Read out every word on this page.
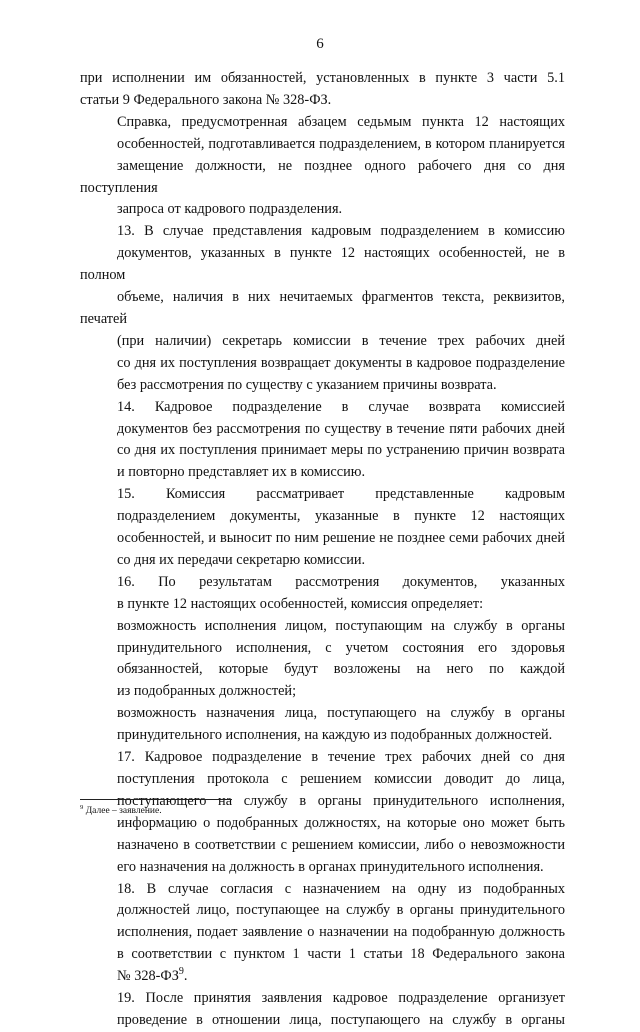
6

при исполнении им обязанностей, установленных в пункте 3 части 5.1
статьи 9 Федерального закона № 328-ФЗ.

Справка, предусмотренная абзацем седьмым пункта 12 настоящих
особенностей, подготавливается подразделением, в котором планируется
замещение должности, не позднее одного рабочего дня со дня поступления
запроса от кадрового подразделения.

13. В случае представления кадровым подразделением в комиссию
документов, указанных в пункте 12 настоящих особенностей, не в полном
объеме, наличия в них нечитаемых фрагментов текста, реквизитов, печатей
(при наличии) секретарь комиссии в течение трех рабочих дней
со дня их поступления возвращает документы в кадровое подразделение
без рассмотрения по существу с указанием причины возврата.

14. Кадровое подразделение в случае возврата комиссией
документов без рассмотрения по существу в течение пяти рабочих дней
со дня их поступления принимает меры по устранению причин возврата
и повторно представляет их в комиссию.

15. Комиссия рассматривает представленные кадровым
подразделением документы, указанные в пункте 12 настоящих
особенностей, и выносит по ним решение не позднее семи рабочих дней
со дня их передачи секретарю комиссии.

16. По результатам рассмотрения документов, указанных
в пункте 12 настоящих особенностей, комиссия определяет:

возможность исполнения лицом, поступающим на службу в органы
принудительного исполнения, с учетом состояния его здоровья
обязанностей, которые будут возложены на него по каждой
из подобранных должностей;

возможность назначения лица, поступающего на службу в органы
принудительного исполнения, на каждую из подобранных должностей.

17. Кадровое подразделение в течение трех рабочих дней со дня
поступления протокола с решением комиссии доводит до лица,
поступающего на службу в органы принудительного исполнения,
информацию о подобранных должностях, на которые оно может быть
назначено в соответствии с решением комиссии, либо о невозможности
его назначения на должность в органах принудительного исполнения.

18. В случае согласия с назначением на одну из подобранных
должностей лицо, поступающее на службу в органы принудительного
исполнения, подает заявление о назначении на подобранную должность
в соответствии с пунктом 1 части 1 статьи 18 Федерального закона
№ $328-ФЗ^9$.

19. После принятия заявления кадровое подразделение организует
проведение в отношении лица, поступающего на службу в органы

$^9$ Далее – заявление.
